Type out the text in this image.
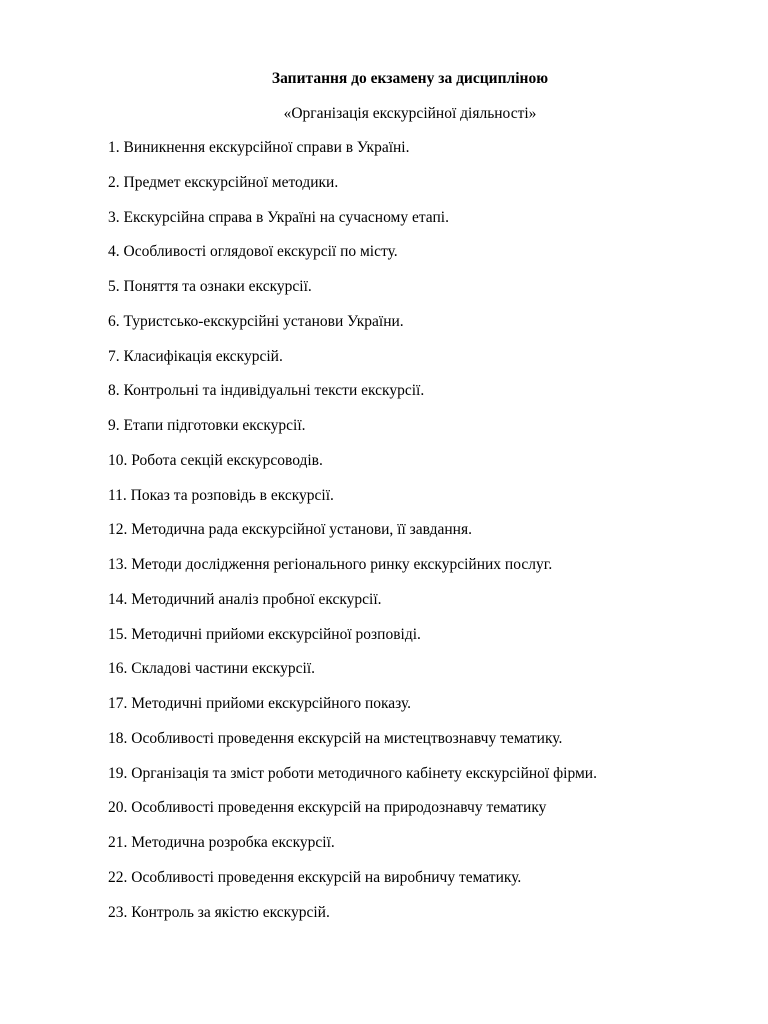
Запитання до екзамену за дисципліною
«Організація екскурсійної діяльності»
1. Виникнення екскурсійної справи в Україні.
2. Предмет екскурсійної методики.
3. Екскурсійна справа в Україні на сучасному етапі.
4. Особливості оглядової екскурсії по місту.
5. Поняття та ознаки екскурсії.
6. Туристсько-екскурсійні установи України.
7. Класифікація екскурсій.
8. Контрольні та індивідуальні тексти екскурсії.
9. Етапи підготовки екскурсії.
10. Робота секцій екскурсоводів.
11. Показ та розповідь в екскурсії.
12. Методична рада екскурсійної установи, її завдання.
13. Методи дослідження регіонального ринку екскурсійних послуг.
14. Методичний аналіз пробної екскурсії.
15. Методичні прийоми екскурсійної розповіді.
16. Складові частини екскурсії.
17. Методичні прийоми екскурсійного показу.
18. Особливості проведення екскурсій на мистецтвознавчу тематику.
19. Організація та зміст роботи методичного кабінету екскурсійної фірми.
20. Особливості проведення екскурсій на природознавчу тематику
21. Методична розробка екскурсії.
22. Особливості проведення екскурсій на виробничу тематику.
23. Контроль за якістю екскурсій.
